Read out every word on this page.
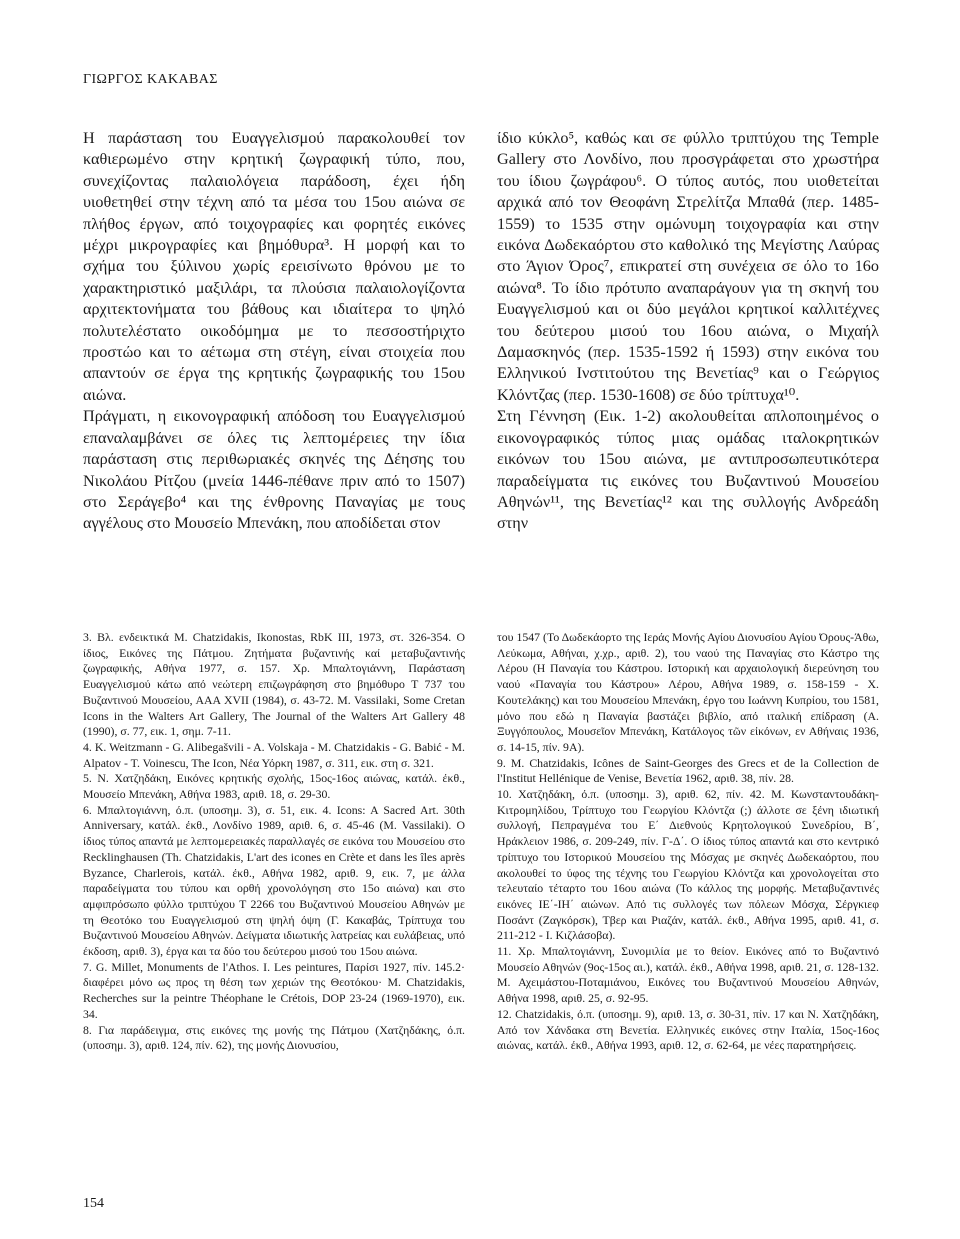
ΓΙΩΡΓΟΣ ΚΑΚΑΒΑΣ

Η παράσταση του Ευαγγελισμού παρακολουθεί τον καθιερωμένο στην κρητική ζωγραφική τύπο, που, συνεχίζοντας παλαιολόγεια παράδοση, έχει ήδη υιοθετηθεί στην τέχνη από τα μέσα του 15ου αιώνα σε πλήθος έργων, από τοιχογραφίες και φορητές εικόνες μέχρι μικρογραφίες και βημόθυρα³. Η μορφή και το σχήμα του ξύλινου χωρίς ερεισίνωτο θρόνου με το χαρακτηριστικό μαξιλάρι, τα πλούσια παλαιολογίζοντα αρχιτεκτονήματα του βάθους και ιδιαίτερα το ψηλό πολυτελέστατο οικοδόμημα με το πεσσοστήριχτο προστώο και το αέτωμα στη στέγη, είναι στοιχεία που απαντούν σε έργα της κρητικής ζωγραφικής του 15ου αιώνα.

Πράγματι, η εικονογραφική απόδοση του Ευαγγελισμού επαναλαμβάνει σε όλες τις λεπτομέρειες την ίδια παράσταση στις περιθωριακές σκηνές της Δέησης του Νικολάου Ρίτζου (μνεία 1446-πέθανε πριν από το 1507) στο Σεράγεβο⁴ και της ένθρονης Παναγίας με τους αγγέλους στο Μουσείο Μπενάκη, που αποδίδεται στον

ίδιο κύκλο⁵, καθώς και σε φύλλο τριπτύχου της Temple Gallery στο Λονδίνο, που προσγράφεται στο χρωστήρα του ίδιου ζωγράφου⁶. Ο τύπος αυτός, που υιοθετείται αρχικά από τον Θεοφάνη Στρελίτζα Μπαθά (περ. 1485-1559) το 1535 στην ομώνυμη τοιχογραφία και στην εικόνα Δωδεκαόρτου στο καθολικό της Μεγίστης Λαύρας στο Άγιον Όρος⁷, επικρατεί στη συνέχεια σε όλο το 16ο αιώνα⁸. Το ίδιο πρότυπο αναπαράγουν για τη σκηνή του Ευαγγελισμού και οι δύο μεγάλοι κρητικοί καλλιτέχνες του δεύτερου μισού του 16ου αιώνα, ο Μιχαήλ Δαμασκηνός (περ. 1535-1592 ή 1593) στην εικόνα του Ελληνικού Ινστιτούτου της Βενετίας⁹ και ο Γεώργιος Κλόντζας (περ. 1530-1608) σε δύο τρίπτυχα¹⁰.

Στη Γέννηση (Εικ. 1-2) ακολουθείται απλοποιημένος ο εικονογραφικός τύπος μιας ομάδας ιταλοκρητικών εικόνων του 15ου αιώνα, με αντιπροσωπευτικότερα παραδείγματα τις εικόνες του Βυζαντινού Μουσείου Αθηνών¹¹, της Βενετίας¹² και της συλλογής Ανδρεάδη στην

3. Βλ. ενδεικτικά M. Chatzidakis, Ikonostas, RbK III, 1973, στ. 326-354. Ο ίδιος, Εικόνες της Πάτμου. Ζητήματα βυζαντινής καί μεταβυζαντινής ζωγραφικής, Αθήνα 1977, σ. 157. Χρ. Μπαλτογιάννη, Παράσταση Ευαγγελισμού κάτω από νεώτερη επιζωγράφηση στο βημόθυρο Τ 737 του Βυζαντινού Μουσείου, ΑΑΑ XVII (1984), σ. 43-72. M. Vassilaki, Some Cretan Icons in the Walters Art Gallery, The Journal of the Walters Art Gallery 48 (1990), σ. 77, εικ. 1, σημ. 7-11.

4. K. Weitzmann - G. Alibegašvili - A. Volskaja - M. Chatzidakis - G. Babić - M. Alpatov - T. Voinescu, The Icon, Νέα Υόρκη 1987, σ. 311, εικ. στη σ. 321.

5. Ν. Χατζηδάκη, Εικόνες κρητικής σχολής, 15ος-16ος αιώνας, κατάλ. έκθ., Μουσείο Μπενάκη, Αθήνα 1983, αριθ. 18, σ. 29-30.

6. Μπαλτογιάννη, ό.π. (υποσημ. 3), σ. 51, εικ. 4. Icons: A Sacred Art. 30th Anniversary, κατάλ. έκθ., Λονδίνο 1989, αριθ. 6, σ. 45-46 (M. Vassilaki). Ο ίδιος τύπος απαντά με λεπτομερειακές παραλλαγές σε εικόνα του Μουσείου στο Recklinghausen (Th. Chatzidakis, L'art des icones en Crète et dans les îles après Byzance, Charlerois, κατάλ. έκθ., Αθήνα 1982, αριθ. 9, εικ. 7, με άλλα παραδείγματα του τύπου και ορθή χρονολόγηση στο 15ο αιώνα) και στο αμφιπρόσωπο φύλλο τριπτύχου Τ 2266 του Βυζαντινού Μουσείου Αθηνών με τη Θεοτόκο του Ευαγγελισμού στη ψηλή όψη (Γ. Κακαβάς, Τρίπτυχα του Βυζαντινού Μουσείου Αθηνών. Δείγματα ιδιωτικής λατρείας και ευλάβειας, υπό έκδοση, αριθ. 3), έργα και τα δύο του δεύτερου μισού του 15ου αιώνα.

7. G. Millet, Monuments de l'Athos. I. Les peintures, Παρίσι 1927, πίν. 145.2· διαφέρει μόνο ως προς τη θέση των χεριών της Θεοτόκου· M. Chatzidakis, Recherches sur la peintre Théophane le Crétois, DOP 23-24 (1969-1970), εικ. 34.

8. Για παράδειγμα, στις εικόνες της μονής της Πάτμου (Χατζηδάκης, ό.π. (υποσημ. 3), αριθ. 124, πίν. 62), της μονής Διονυσίου,

του 1547 (Το Δωδεκάορτο της Ιεράς Μονής Αγίου Διονυσίου Αγίου Όρους-Άθω, Λεύκωμα, Αθήναι, χ.χρ., αριθ. 2), του ναού της Παναγίας στο Κάστρο της Λέρου (Η Παναγία του Κάστρου. Ιστορική και αρχαιολογική διερεύνηση του ναού «Παναγία του Κάστρου» Λέρου, Αθήνα 1989, σ. 158-159 - Χ. Κουτελάκης) και του Μουσείου Μπενάκη, έργο του Ιωάννη Κυπρίου, του 1581, μόνο που εδώ η Παναγία βαστάζει βιβλίο, από ιταλική επίδραση (Α. Ξυγγόπουλος, Μουσεῖον Μπενάκη, Κατάλογος τῶν εἰκόνων, εν Αθήναις 1936, σ. 14-15, πίν. 9Α).

9. M. Chatzidakis, Icônes de Saint-Georges des Grecs et de la Collection de l'Institut Hellénique de Venise, Βενετία 1962, αριθ. 38, πίν. 28.

10. Χατζηδάκη, ό.π. (υποσημ. 3), αριθ. 62, πίν. 42. Μ. Κωνσταντουδάκη-Κιτρομηλίδου, Τρίπτυχο του Γεωργίου Κλόντζα (;) άλλοτε σε ξένη ιδιωτική συλλογή, Πεπραγμένα του Ε΄ Διεθνούς Κρητολογικού Συνεδρίου, Β΄, Ηράκλειον 1986, σ. 209-249, πίν. Γ-Δ΄. Ο ίδιος τύπος απαντά και στο κεντρικό τρίπτυχο του Ιστορικού Μουσείου της Μόσχας με σκηνές Δωδεκαόρτου, που ακολουθεί το ύφος της τέχνης του Γεωργίου Κλόντζα και χρονολογείται στο τελευταίο τέταρτο του 16ου αιώνα (Το κάλλος της μορφής. Μεταβυζαντινές εικόνες ΙΕ΄-ΙΗ΄ αιώνων. Από τις συλλογές των πόλεων Μόσχα, Σέργκιεφ Ποσάντ (Ζαγκόρσκ), Τβερ και Ριαζάν, κατάλ. έκθ., Αθήνα 1995, αριθ. 41, σ. 211-212 - Ι. Κιζλάσοβα).

11. Χρ. Μπαλτογιάννη, Συνομιλία με το θείον. Εικόνες από το Βυζαντινό Μουσείο Αθηνών (9ος-15ος αι.), κατάλ. έκθ., Αθήνα 1998, αριθ. 21, σ. 128-132. Μ. Αχειμάστου-Ποταμιάνου, Εικόνες του Βυζαντινού Μουσείου Αθηνών, Αθήνα 1998, αριθ. 25, σ. 92-95.

12. Chatzidakis, ό.π. (υποσημ. 9), αριθ. 13, σ. 30-31, πίν. 17 και Ν. Χατζηδάκη, Από τον Χάνδακα στη Βενετία. Ελληνικές εικόνες στην Ιταλία, 15ος-16ος αιώνας, κατάλ. έκθ., Αθήνα 1993, αριθ. 12, σ. 62-64, με νέες παρατηρήσεις.

154
